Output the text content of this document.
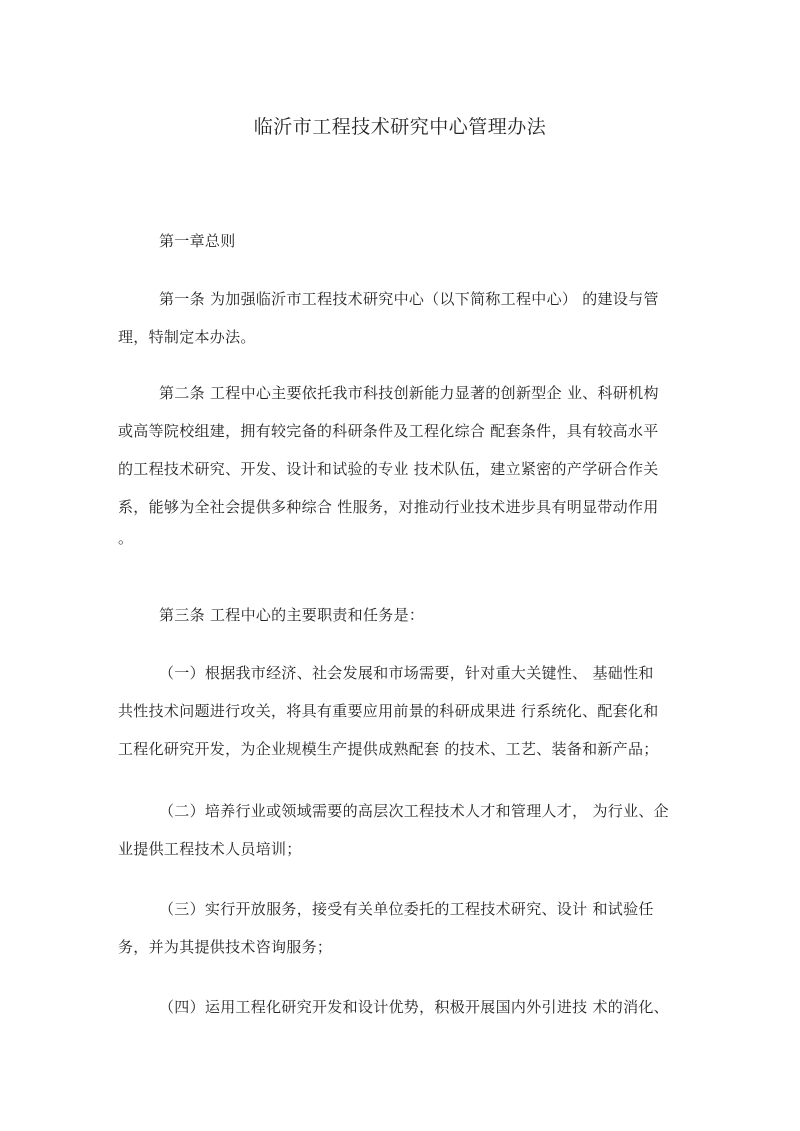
临沂市工程技术研究中心管理办法

第一章总则

第一条 为加强临沂市工程技术研究中心（以下简称工程中心） 的建设与管
理，特制定本办法。

第二条 工程中心主要依托我市科技创新能力显著的创新型企 业、科研机构
或高等院校组建，拥有较完备的科研条件及工程化综合 配套条件，具有较高水平
的工程技术研究、开发、设计和试验的专业 技术队伍，建立紧密的产学研合作关
系，能够为全社会提供多种综合 性服务，对推动行业技术进步具有明显带动作用
。

第三条 工程中心的主要职责和任务是：

（一）根据我市经济、社会发展和市场需要，针对重大关键性、 基础性和
共性技术问题进行攻关，将具有重要应用前景的科研成果进 行系统化、配套化和
工程化研究开发，为企业规模生产提供成熟配套 的技术、工艺、装备和新产品；

（二）培养行业或领域需要的高层次工程技术人才和管理人才， 为行业、企
业提供工程技术人员培训；

（三）实行开放服务，接受有关单位委托的工程技术研究、设计 和试验任
务，并为其提供技术咨询服务；

（四）运用工程化研究开发和设计优势，积极开展国内外引进技 术的消化、
